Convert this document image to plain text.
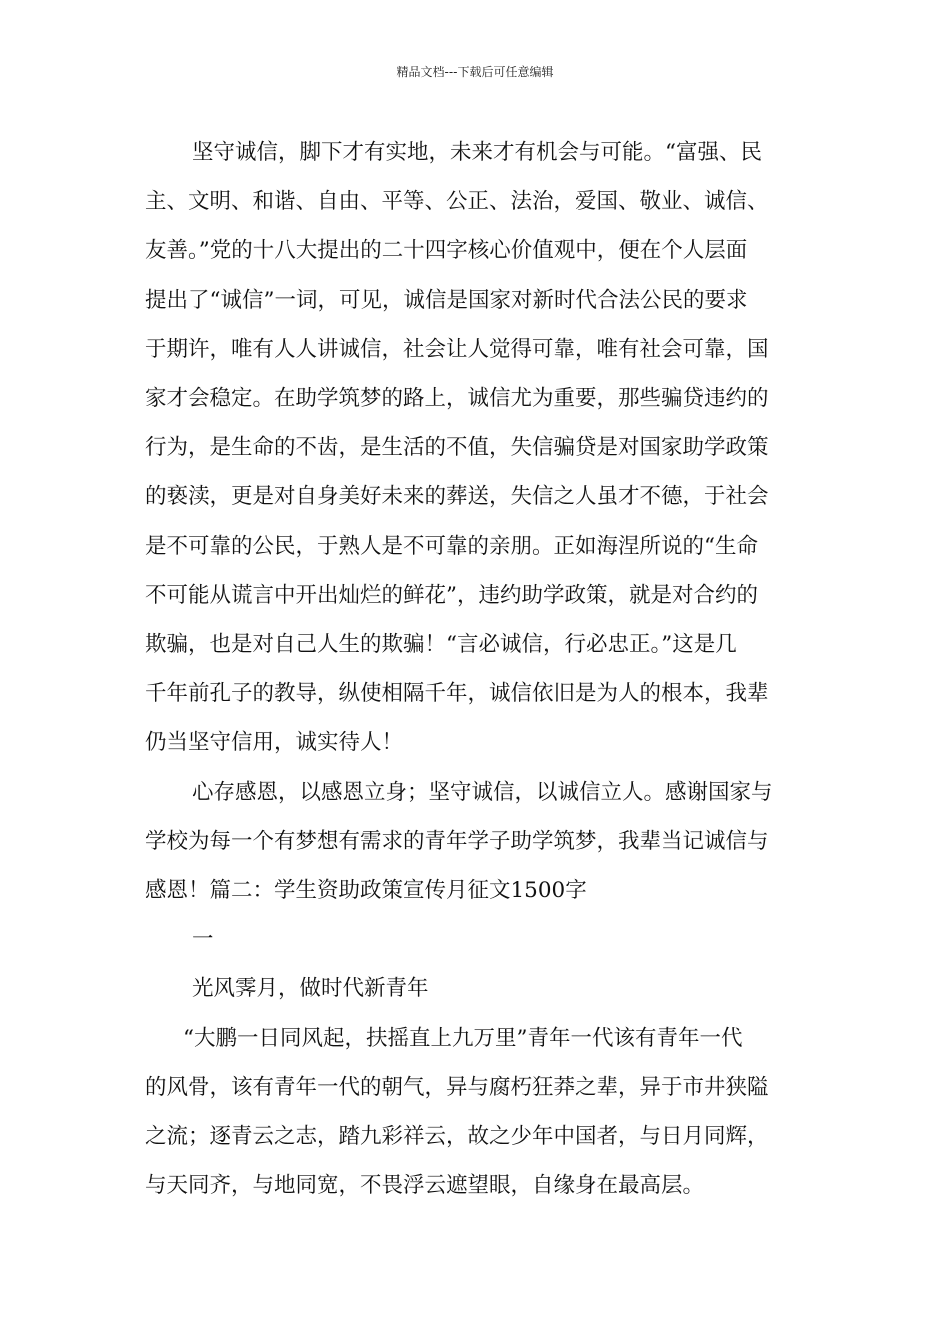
精品文档---下载后可任意编辑
坚守诚信，脚下才有实地，未来才有机会与可能。“富强、民
主、文明、和谐、自由、平等、公正、法治，爱国、敬业、诚信、
友善。”党的十八大提出的二十四字核心价值观中，便在个人层面
提出了“诚信”一词，可见，诚信是国家对新时代合法公民的要求
于期许，唯有人人讲诚信，社会让人觉得可靠，唯有社会可靠，国
家才会稳定。在助学筑梦的路上，诚信尤为重要，那些骗贷违约的
行为，是生命的不齿，是生活的不值，失信骗贷是对国家助学政策
的亵渎，更是对自身美好未来的葬送，失信之人虽才不德，于社会
是不可靠的公民，于熟人是不可靠的亲朋。正如海涅所说的“生命
不可能从谎言中开出灿烂的鲜花”，违约助学政策，就是对合约的
欺骗，也是对自己人生的欺骗！“言必诚信，行必忠正。”这是几
千年前孔子的教导，纵使相隔千年，诚信依旧是为人的根本，我辈
仍当坚守信用，诚实待人！
心存感恩，以感恩立身；坚守诚信，以诚信立人。感谢国家与
学校为每一个有梦想有需求的青年学子助学筑梦，我辈当记诚信与
感恩！篇二：学生资助政策宣传月征文1500字
一
光风霁月，做时代新青年
“大鹏一日同风起，扶摇直上九万里”青年一代该有青年一代
的风骨，该有青年一代的朝气，异与腐朽狂莽之辈，异于市井狭隘
之流；逐青云之志，踏九彩祥云，故之少年中国者，与日月同辉，
与天同齐，与地同宽，不畏浮云遮望眼，自缘身在最高层。
